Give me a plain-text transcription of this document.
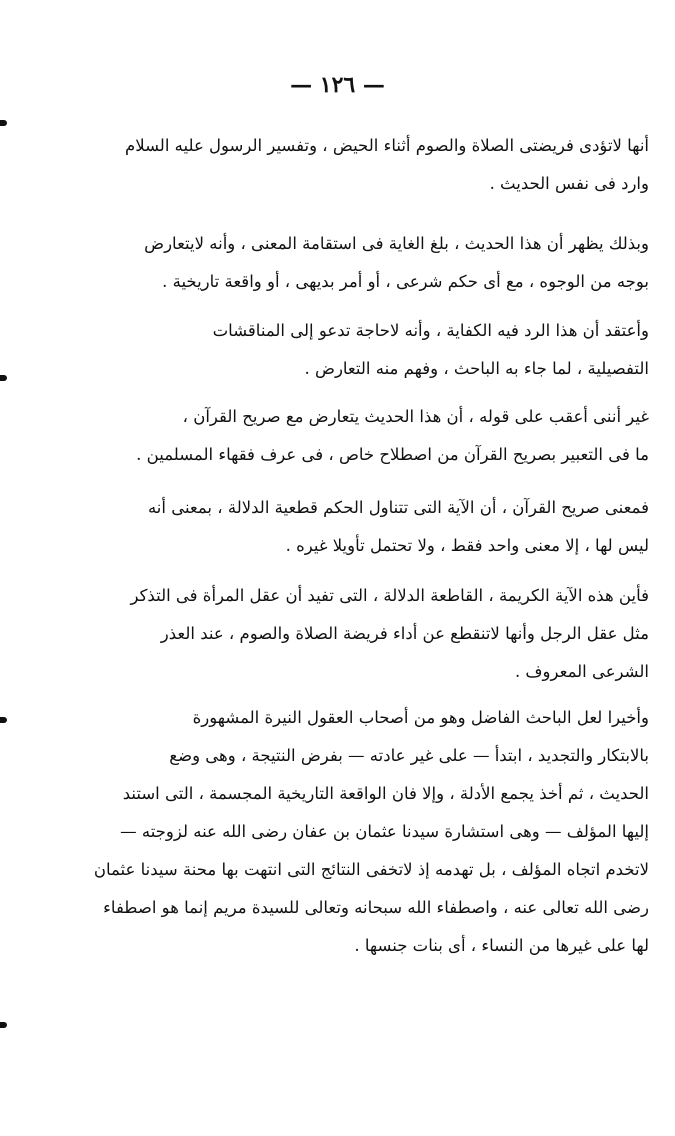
— ١٢٦ —
أنها لاتؤدى فريضتى الصلاة والصوم أثناء الحيض ، وتفسير الرسول عليه السلام
وارد فى نفس الحديث .
وبذلك يظهر أن هذا الحديث ، بلغ الغاية فى استقامة المعنى ، وأنه لايتعارض
بوجه من الوجوه ، مع أى حكم شرعى ، أو أمر بديهى ، أو واقعة تاريخية .
وأعتقد أن هذا الرد فيه الكفاية ، وأنه لاحاجة تدعو إلى المناقشات
التفصيلية ، لما جاء به الباحث ، وفهم منه التعارض .
غير أننى أعقب على قوله ، أن هذا الحديث يتعارض مع صريح القرآن ،
ما فى التعبير بصريح القرآن من اصطلاح خاص ، فى عرف فقهاء المسلمين .
فمعنى صريح القرآن ، أن الآية التى تتناول الحكم قطعية الدلالة ، بمعنى أنه
ليس لها ، إلا معنى واحد فقط ، ولا تحتمل تأويلا غيره .
فأين هذه الآية الكريمة ، القاطعة الدلالة ، التى تفيد أن عقل المرأة فى التذكر
مثل عقل الرجل وأنها لاتنقطع عن أداء فريضة الصلاة والصوم ، عند العذر
الشرعى المعروف .
وأخيرا لعل الباحث الفاضل وهو من أصحاب العقول النيرة المشهورة
بالابتكار والتجديد ، ابتدأ — على غير عادته — بفرض النتيجة ، وهى وضع
الحديث ، ثم أخذ يجمع الأدلة ، وإلا فان الواقعة التاريخية المجسمة ، التى استند
إليها المؤلف — وهى استشارة سيدنا عثمان بن عفان رضى الله عنه لزوجته —
لاتخدم اتجاه المؤلف ، بل تهدمه إذ لاتخفى النتائج التى انتهت بها محنة سيدنا عثمان
رضى الله تعالى عنه ، واصطفاء الله سبحانه وتعالى للسيدة مريم إنما هو اصطفاء
لها على غيرها من النساء ، أى بنات جنسها .
